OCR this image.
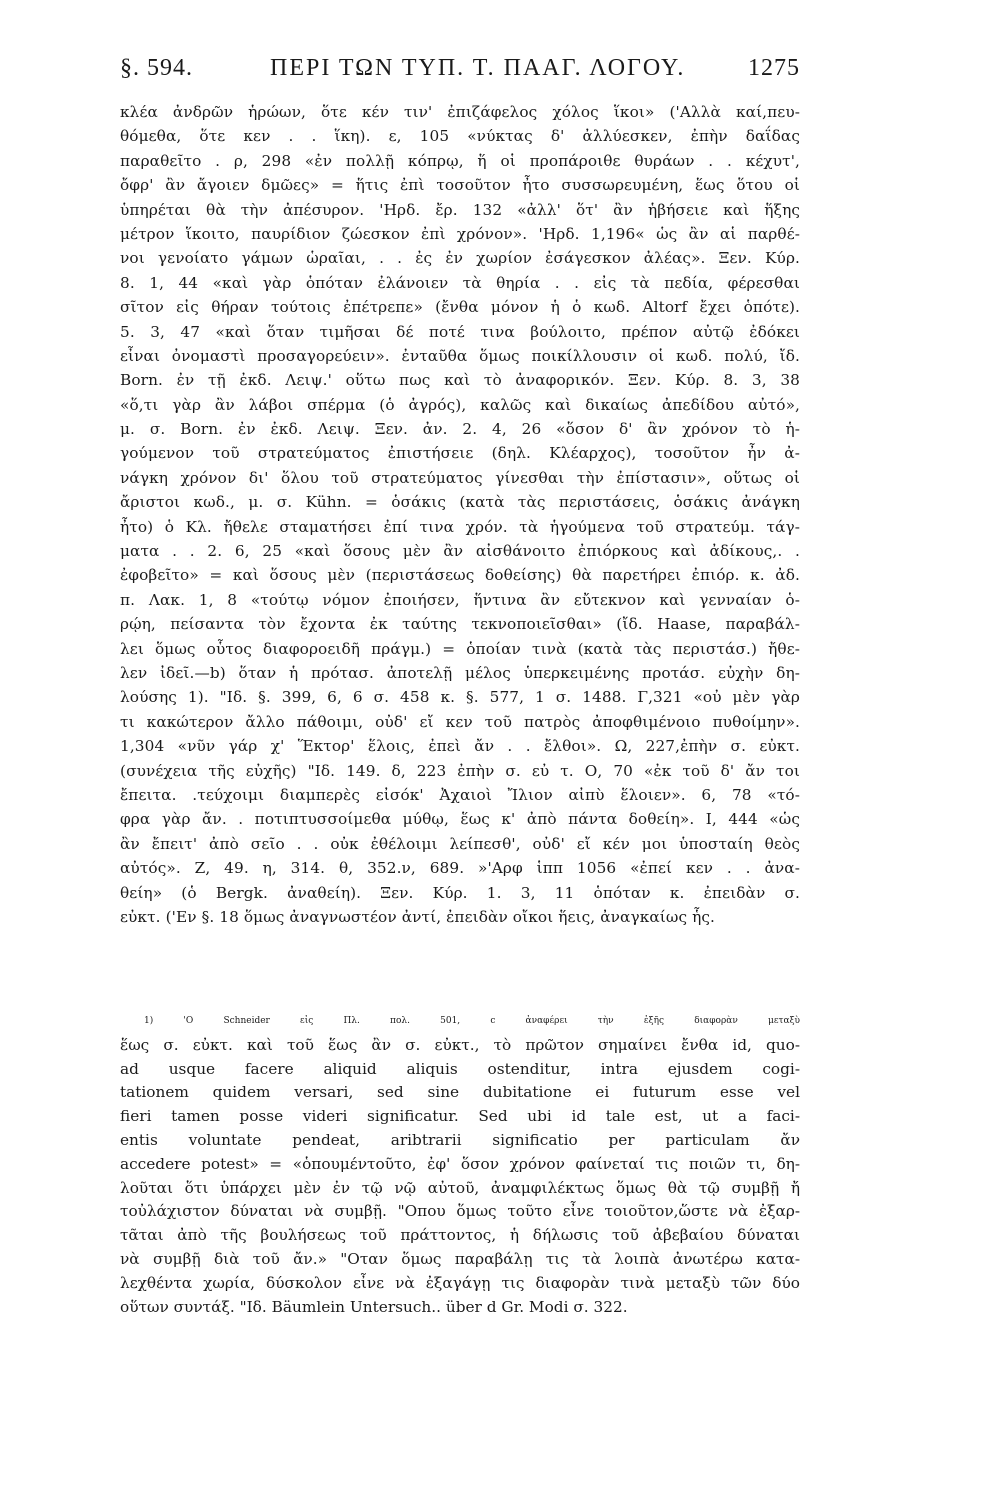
§. 594.	ΠΕΡΙ ΤΩΝ ΤΥΠ. Τ. ΠΑΑΓ. ΛΟΓΟΥ.	1275
κλέα ἀνδρῶν ἡρώων, ὅτε κέν τιν' ἐπιζάφελος χόλος ἵκοι» ('Αλλὰ καί,πευ-
θόμεθα, ὅτε κεν . . ἵκη). ε, 105 «νύκτας δ' ἀλλύεσκεν, ἐπὴν δαΐδας
παραθεῖτο . ρ, 298 «ἐν πολλῇ κόπρῳ, ἥ οἱ προπάροιθε θυράων . . κέχυτ',
ὄφρ' ἂν ἄγοιεν δμῶες» = ἥτις ἐπὶ τοσοῦτον ἦτο συσσωρευμένη, ἕως ὅτου οἱ
ὑπηρέται θὰ τὴν ἀπέσυρον. 'Ηρδ. ἔρ. 132 «ἀλλ' ὅτ' ἂν ἡβήσειε καὶ ἥξης
μέτρον ἵκοιτο, παυρίδιον ζώεσκον ἐπὶ χρόνον». 'Ηρδ. 1,196« ὡς ἂν αἱ παρθέ-
νοι γενοίατο γάμων ὡραῖαι, . . ἐς ἐν χωρίον ἐσάγεσκον ἀλέας». Ξεν. Κύρ.
8. 1, 44 «καὶ γὰρ ὁπόταν ἐλάνοιεν τὰ θηρία . . εἰς τὰ πεδία, φέρεσθαι
σῖτον εἰς θήραν τούτοις ἐπέτρεπε» (ἔνθα μόνον ἡ ὁ κωδ. Altorf ἔχει ὁπότε).
5. 3, 47 «καὶ ὅταν τιμῆσαι δέ ποτέ τινα βούλοιτο, πρέπον αὐτῷ ἐδόκει
εἶναι ὀνομαστὶ προσαγορεύειν». ἐνταῦθα ὅμως ποικίλλουσιν οἱ κωδ. πολύ, ἴδ.
Born. ἐν τῇ ἐκδ. Λειψ.' οὕτω πως καὶ τὸ ἀναφορικόν. Ξεν. Κύρ. 8. 3, 38
«ὅ,τι γὰρ ἂν λάβοι σπέρμα (ὁ ἀγρός), καλῶς καὶ δικαίως ἀπεδίδου αὐτό»,
μ. σ. Born. ἐν ἐκδ. Λειψ. Ξεν. ἀν. 2. 4, 26 «ὅσον δ' ἂν χρόνον τὸ ἡ-
γούμενον τοῦ στρατεύματος ἐπιστήσειε (δηλ. Κλέαρχος), τοσοῦτον ἦν ἀ-
νάγκη χρόνον δι' ὅλου τοῦ στρατεύματος γίνεσθαι τὴν ἐπίστασιν», οὕτως οἱ
ἄριστοι κωδ., μ. σ. Kühn. = ὁσάκις (κατὰ τὰς περιστάσεις, ὁσάκις ἀνάγκη
ἦτο) ὁ Κλ. ἤθελε σταματήσει ἐπί τινα χρόν. τὰ ἡγούμενα τοῦ στρατεύμ. τάγ-
ματα . . 2. 6, 25 «καὶ ὅσους μὲν ἂν αἰσθάνοιτο ἐπιόρκους καὶ ἀδίκους,. .
ἐφοβεῖτο» = καὶ ὅσους μὲν (περιστάσεως δοθείσης) θὰ παρετήρει ἐπιόρ. κ. ἀδ.
π. Λακ. 1, 8 «τούτῳ νόμον ἐποιήσεν, ἥντινα ἂν εὔτεκνον καὶ γενναίαν ὁ-
ρῴη, πείσαντα τὸν ἔχοντα ἐκ ταύτης τεκνοποιεῖσθαι» (ἴδ. Haase, παραβάλ-
λει ὅμως οὗτος διαφοροειδῆ πράγμ.) = ὁποίαν τινὰ (κατὰ τὰς περιστάσ.) ἤθε-
λεν ἰδεῖ.—b) ὅταν ἡ πρότασ. ἀποτελῇ μέλος ὑπερκειμένης προτάσ. εὐχὴν δη-
λούσης 1). "Ιδ. §. 399, 6, 6 σ. 458 κ. §. 577, 1 σ. 1488. Γ,321 «οὐ μὲν γὰρ
τι κακώτερον ἄλλο πάθοιμι, οὐδ' εἴ κεν τοῦ πατρὸς ἀποφθιμένοιο πυθοίμην».
1,304 «νῦν γάρ χ' Ἕκτορ' ἕλοις, ἐπεὶ ἄν . . ἔλθοι». Ω, 227,ἐπὴν σ. εὐκτ.
(συνέχεια τῆς εὐχῆς) "Ιδ. 149. δ, 223 ἐπὴν σ. εὐ τ. Ο, 70 «ἐκ τοῦ δ' ἄν τοι
ἔπειτα. .τεύχοιμι διαμπερὲς εἰσόκ' Ἀχαιοὶ Ἴλιον αἰπὺ ἕλοιεν». 6, 78 «τό-
φρα γὰρ ἄν. . ποτιπτυσσοίμεθα μύθῳ, ἕως κ' ἀπὸ πάντα δοθείη». I, 444 «ὡς
ἂν ἔπειτ' ἀπὸ σεῖο . . οὐκ ἐθέλοιμι λείπεσθ', οὐδ' εἴ κέν μοι ὑποσταίη θεὸς
αὐτός». Ζ, 49. η, 314. θ, 352.ν, 689. »'Αρφ ἱππ 1056 «ἐπεί κεν . . ἀνα-
θείη» (ὁ Bergk. ἀναθείη). Ξεν. Κύρ. 1. 3, 11 ὁπόταν κ. ἐπειδὰν σ.
εὐκτ. ('Εν §. 18 ὅμως ἀναγνωστέον ἀντί, ἐπειδὰν οἴκοι ἥεις, ἀναγκαίως ἧς.
1) 'Ο Schneider εἰς Πλ. πολ. 501, c ἀναφέρει τὴν ἑξῆς διαφορὰν μεταξὺ
ἕως σ. εὐκτ. καὶ τοῦ ἕως ἂν σ. εὐκτ., τὸ πρῶτον σημαίνει ἔνθα id, quo-
ad usque facere aliquid aliquis ostenditur, intra ejusdem cogi-
tationem quidem versari, sed sine dubitatione ei futurum esse vel
fieri tamen posse videri significatur. Sed ubi id tale est, ut a faci-
entis voluntate pendeat, aribtrarii significatio per particulam ἄν
accedere potest» = «ὁπουμέντοῦτο, ἐφ' ὅσον χρόνον φαίνεταί τις ποιῶν τι, δη-
λοῦται ὅτι ὑπάρχει μὲν ἐν τῷ νῷ αὐτοῦ, ἀναμφιλέκτως ὅμως θὰ τῷ συμβῇ ἤ
τοὐλάχιστον δύναται νὰ συμβῇ. "Οπου ὅμως τοῦτο εἶνε τοιοῦτον,ὥστε νὰ ἐξαρ-
τᾶται ἀπὸ τῆς βουλήσεως τοῦ πράττοντος, ἡ δήλωσις τοῦ ἀβεβαίου δύναται
νὰ συμβῇ διὰ τοῦ ἄν.» "Οταν ὅμως παραβάλῃ τις τὰ λοιπὰ ἀνωτέρω κατα-
λεχθέντα χωρία, δύσκολον εἶνε νὰ ἐξαγάγῃ τις διαφορὰν τινὰ μεταξὺ τῶν δύο
οὕτων συντάξ. "Ιδ. Bäumlein Untersuch.. über d Gr. Modi σ. 322.
